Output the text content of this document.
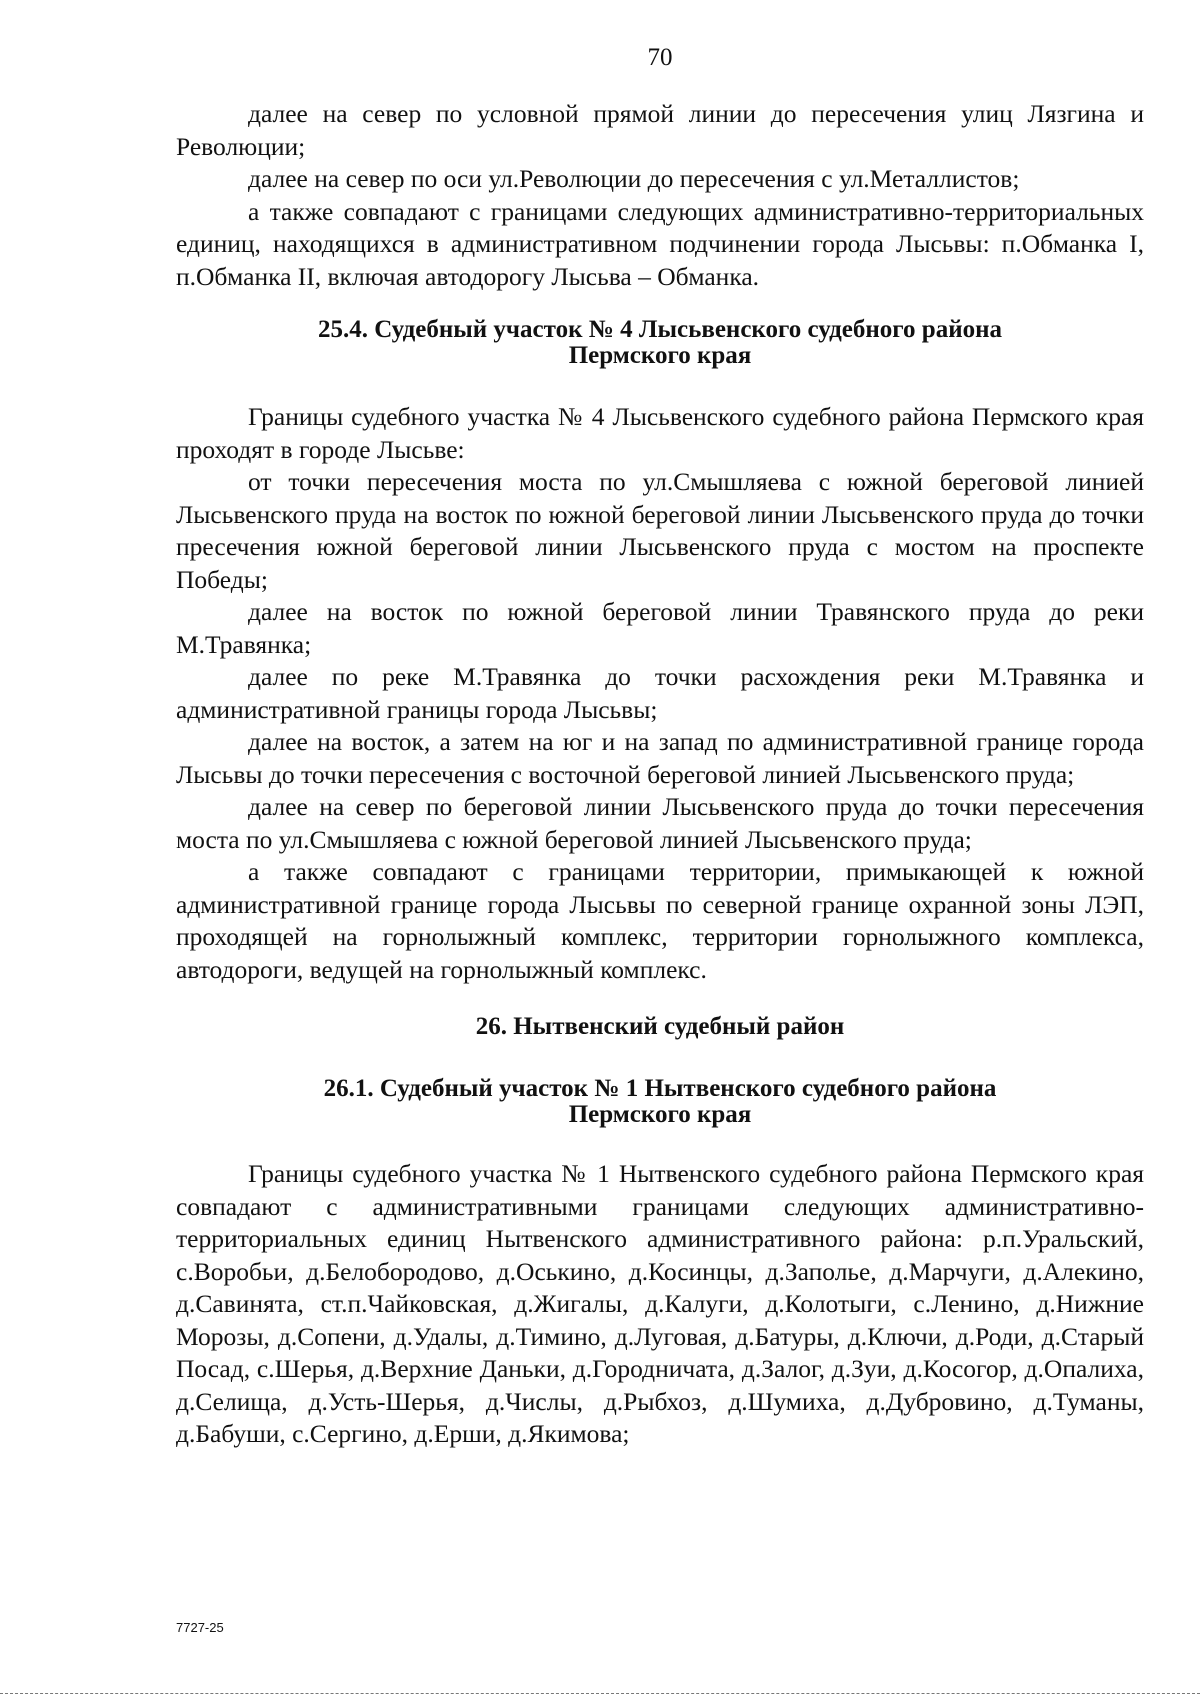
70

далее на север по условной прямой линии до пересечения улиц Лязгина и Революции;

далее на север по оси ул.Революции до пересечения с ул.Металлистов;

а также совпадают с границами следующих административно-территориальных единиц, находящихся в административном подчинении города Лысьвы: п.Обманка I, п.Обманка II, включая автодорогу Лысьва – Обманка.

25.4. Судебный участок № 4 Лысьвенского судебного района
Пермского края

Границы судебного участка № 4 Лысьвенского судебного района Пермского края проходят в городе Лысьве:

от точки пересечения моста по ул.Смышляева с южной береговой линией Лысьвенского пруда на восток по южной береговой линии Лысьвенского пруда до точки пресечения южной береговой линии Лысьвенского пруда с мостом на проспекте Победы;

далее на восток по южной береговой линии Травянского пруда до реки М.Травянка;

далее по реке М.Травянка до точки расхождения реки М.Травянка и административной границы города Лысьвы;

далее на восток, а затем на юг и на запад по административной границе города Лысьвы до точки пересечения с восточной береговой линией Лысьвенского пруда;

далее на север по береговой линии Лысьвенского пруда до точки пересечения моста по ул.Смышляева с южной береговой линией Лысьвенского пруда;

а также совпадают с границами территории, примыкающей к южной административной границе города Лысьвы по северной границе охранной зоны ЛЭП, проходящей на горнолыжный комплекс, территории горнолыжного комплекса, автодороги, ведущей на горнолыжный комплекс.

26. Нытвенский судебный район
26.1. Судебный участок № 1 Нытвенского судебного района
Пермского края

Границы судебного участка № 1 Нытвенского судебного района Пермского края совпадают с административными границами следующих административно-территориальных единиц Нытвенского административного района: р.п.Уральский, с.Воробьи, д.Белобородово, д.Оськино, д.Косинцы, д.Заполье, д.Марчуги, д.Алекино, д.Савинята, ст.п.Чайковская, д.Жигалы, д.Калуги, д.Колотыги, с.Ленино, д.Нижние Морозы, д.Сопени, д.Удалы, д.Тимино, д.Луговая, д.Батуры, д.Ключи, д.Роди, д.Старый Посад, с.Шерья, д.Верхние Даньки, д.Городничата, д.Залог, д.Зуи, д.Косогор, д.Опалиха, д.Селища, д.Усть-Шерья, д.Числы, д.Рыбхоз, д.Шумиха, д.Дубровино, д.Туманы, д.Бабуши, с.Сергино, д.Ерши, д.Якимова;

7727-25
